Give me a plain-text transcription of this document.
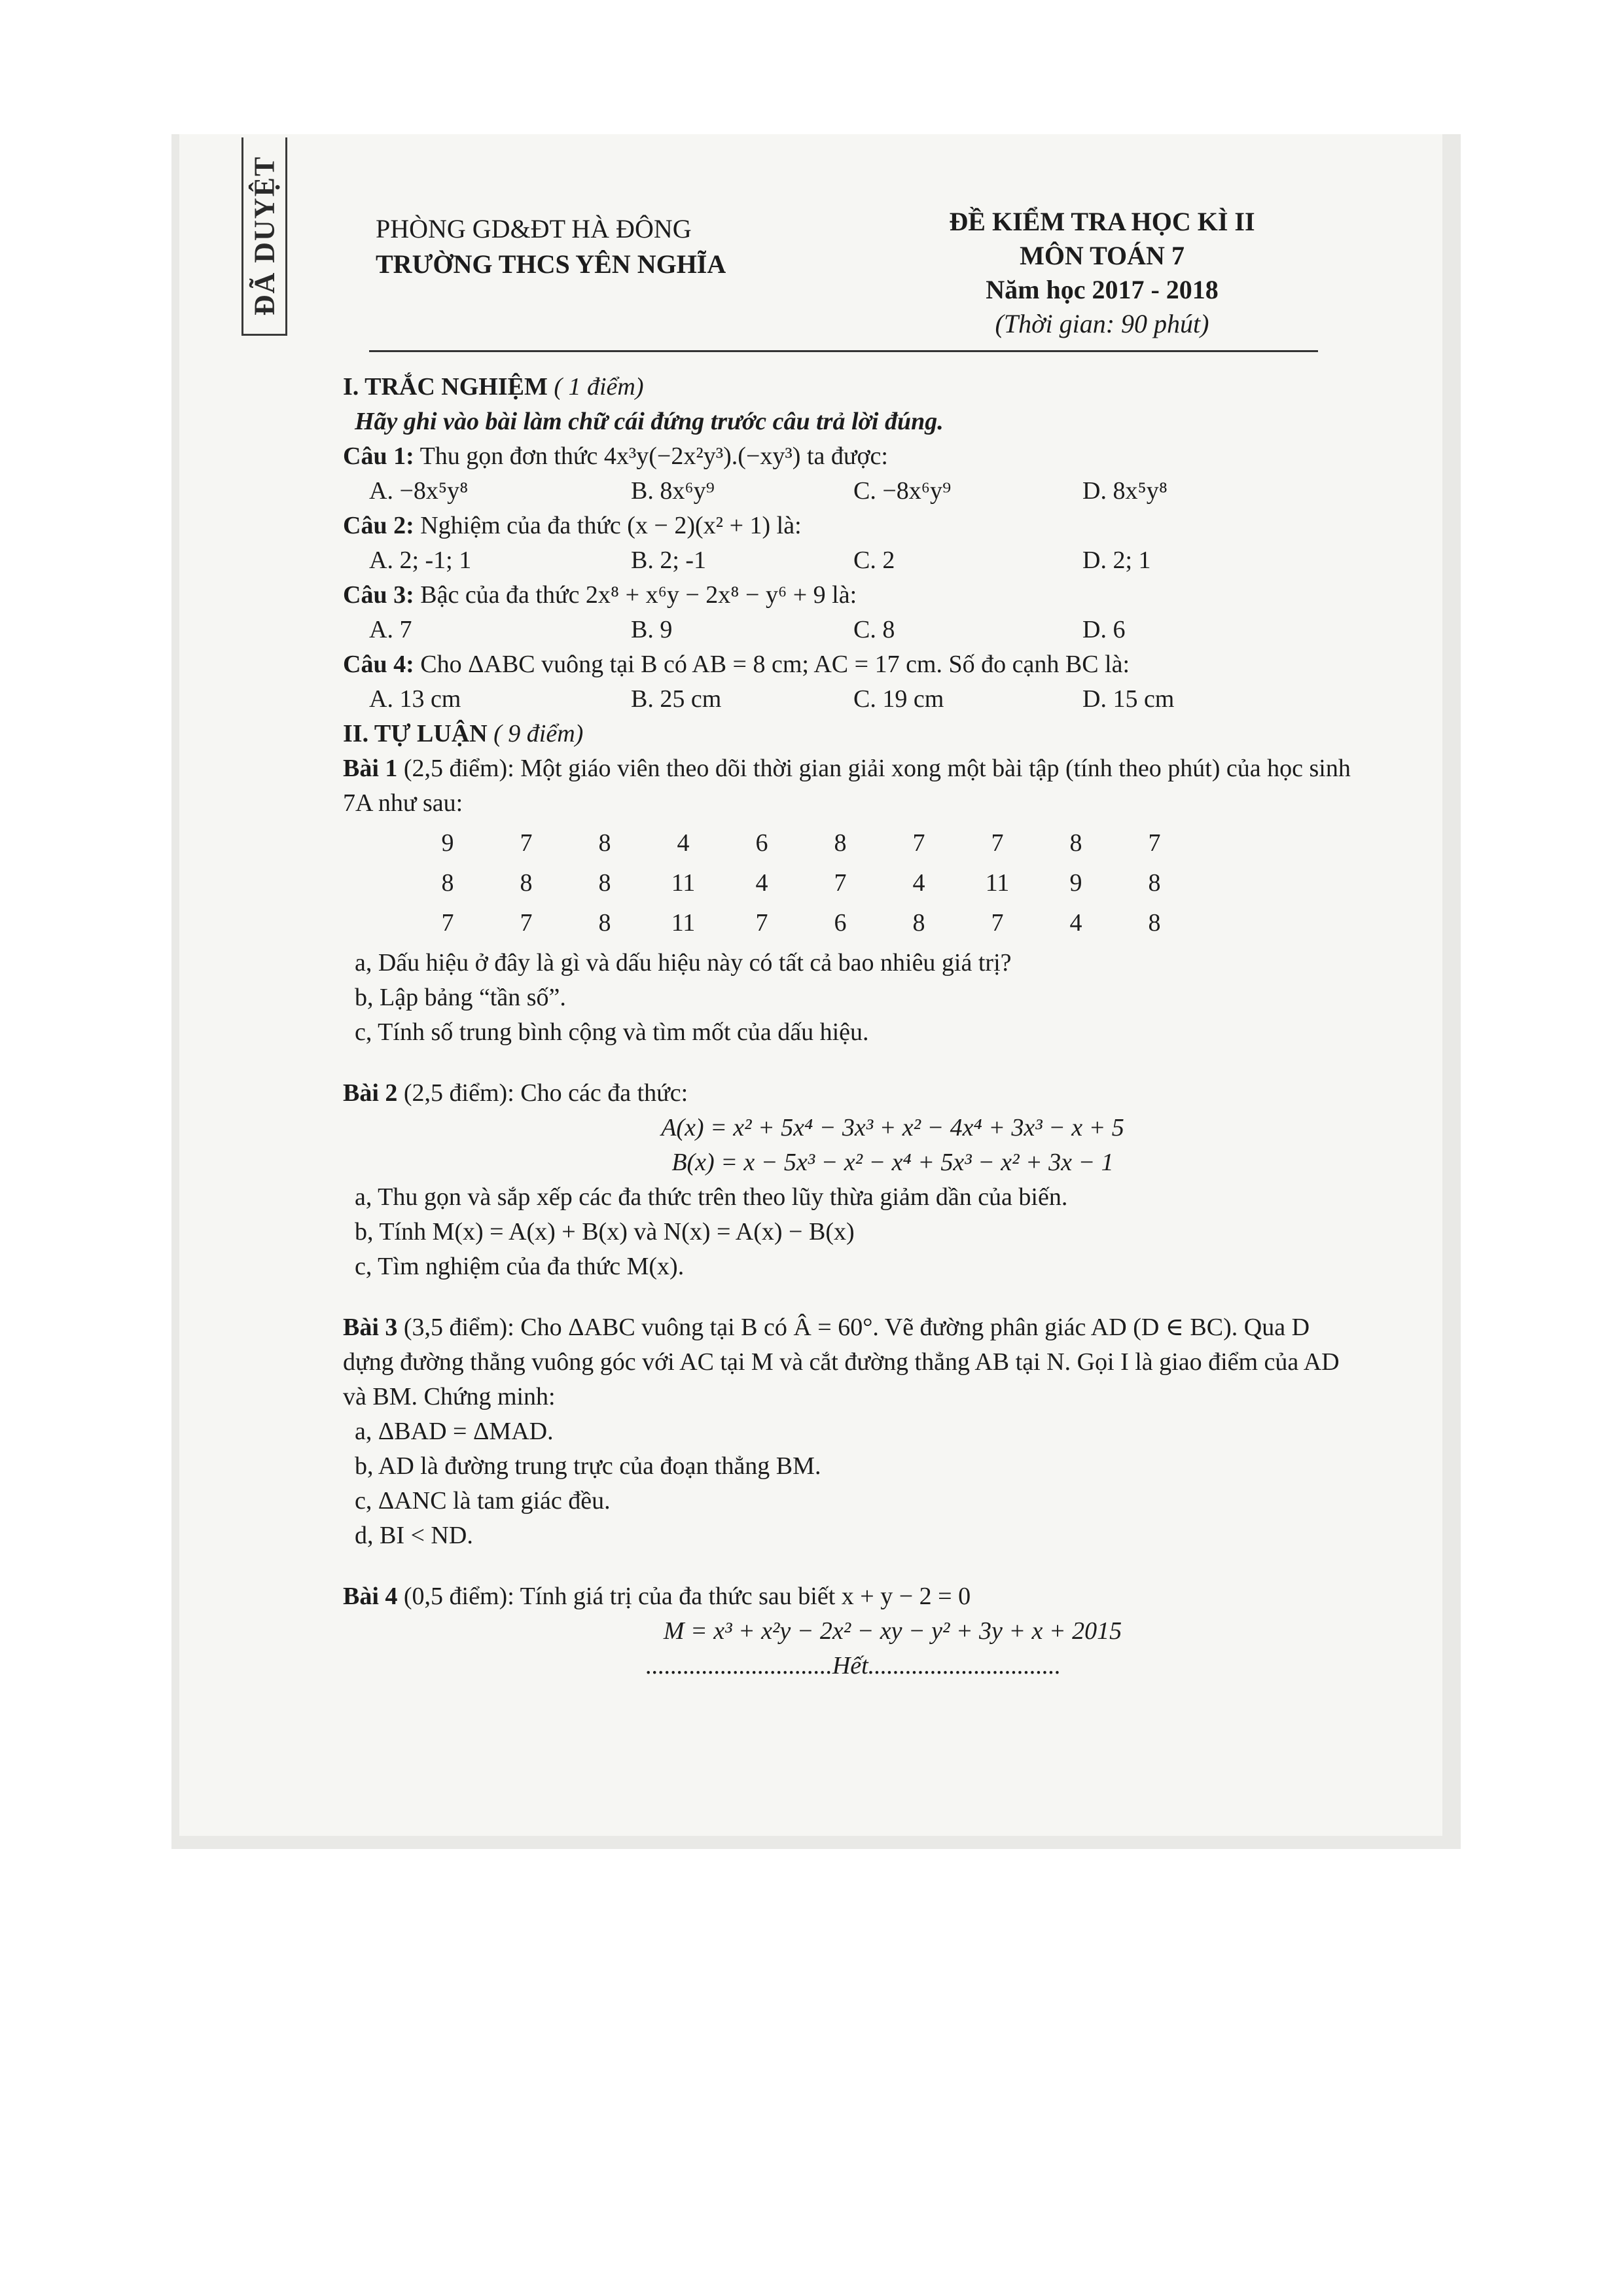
ĐÃ DUYỆT	PHÒNG GD&ĐT HÀ ĐÔNG
TRƯỜNG THCS YÊN NGHĨA
ĐỀ KIỂM TRA HỌC KÌ II
MÔN TOÁN 7
Năm học 2017 - 2018
(Thời gian: 90 phút)

I. TRẮC NGHIỆM ( 1 điểm)

Hãy ghi vào bài làm chữ cái đứng trước câu trả lời đúng.

Câu 1: Thu gọn đơn thức 4x³y(−2x²y³).(−xy³) ta được:

A. −8x⁵y⁸	B. 8x⁶y⁹	C. −8x⁶y⁹	D. 8x⁵y⁸

Câu 2: Nghiệm của đa thức (x − 2)(x² + 1) là:

A. 2; -1; 1	B. 2; -1	C. 2	D. 2; 1

Câu 3: Bậc của đa thức 2x⁸ + x⁶y − 2x⁸ − y⁶ + 9 là:

A. 7	B. 9	C. 8	D. 6

Câu 4: Cho ΔABC vuông tại B có AB = 8 cm; AC = 17 cm. Số đo cạnh BC là:

A. 13 cm	B. 25 cm	C. 19 cm	D. 15 cm

II. TỰ LUẬN ( 9 điểm)

Bài 1 (2,5 điểm): Một giáo viên theo dõi thời gian giải xong một bài tập (tính theo phút) của học sinh 7A như sau:

9	7	8	4	6	8	7	7	8	7
8	8	8	11	4	7	4	11	9	8
7	7	8	11	7	6	8	7	4	8

a, Dấu hiệu ở đây là gì và dấu hiệu này có tất cả bao nhiêu giá trị?

b, Lập bảng “tần số”.

c, Tính số trung bình cộng và tìm mốt của dấu hiệu.

Bài 2 (2,5 điểm): Cho các đa thức:

A(x) = x² + 5x⁴ − 3x³ + x² − 4x⁴ + 3x³ − x + 5

B(x) = x − 5x³ − x² − x⁴ + 5x³ − x² + 3x − 1

a, Thu gọn và sắp xếp các đa thức trên theo lũy thừa giảm dần của biến.

b, Tính M(x) = A(x) + B(x) và N(x) = A(x) − B(x)

c, Tìm nghiệm của đa thức M(x).

Bài 3 (3,5 điểm): Cho ΔABC vuông tại B có Â = 60°. Vẽ đường phân giác AD (D ∈ BC). Qua D dựng đường thẳng vuông góc với AC tại M và cắt đường thẳng AB tại N. Gọi I là giao điểm của AD và BM. Chứng minh:

a, ΔBAD = ΔMAD.

b, AD là đường trung trực của đoạn thẳng BM.

c, ΔANC là tam giác đều.

d, BI < ND.

Bài 4 (0,5 điểm): Tính giá trị của đa thức sau biết x + y − 2 = 0

M = x³ + x²y − 2x² − xy − y² + 3y + x + 2015

..............................Hết...............................
